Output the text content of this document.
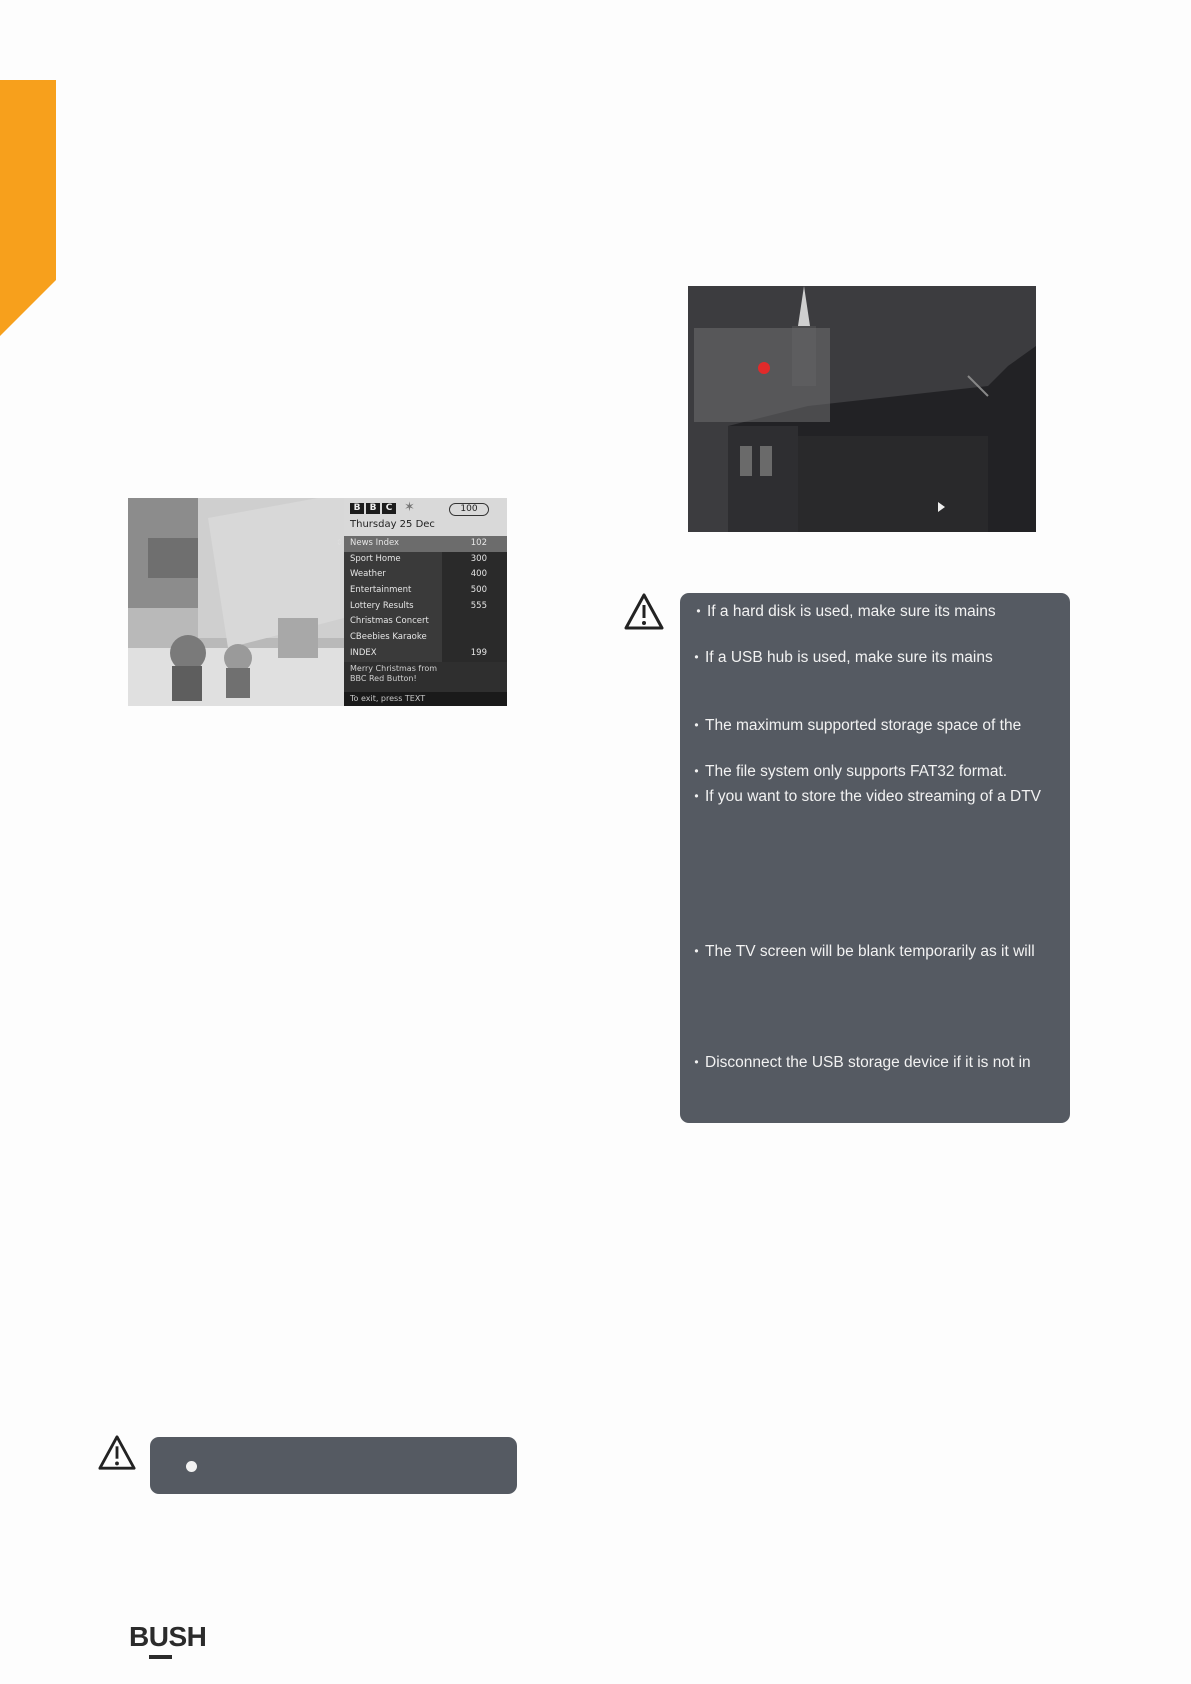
B	B	C ✶	100
Thursday 25 Dec
News Index	102
Sport Home	300
Weather	400
Entertainment	500
Lottery Results	555
Christmas Concert
CBeebies Karaoke
INDEX	199
Merry Christmas from
BBC Red Button!
To exit, press TEXT
⇕
• If a hard disk is used, make sure its mains
• If a USB hub is used, make sure its mains
• The maximum supported storage space of the
• The file system only supports FAT32 format.
• If you want to store the video streaming of a DTV
• The TV screen will be blank temporarily as it will
• Disconnect the USB storage device if it is not in
BUSH
